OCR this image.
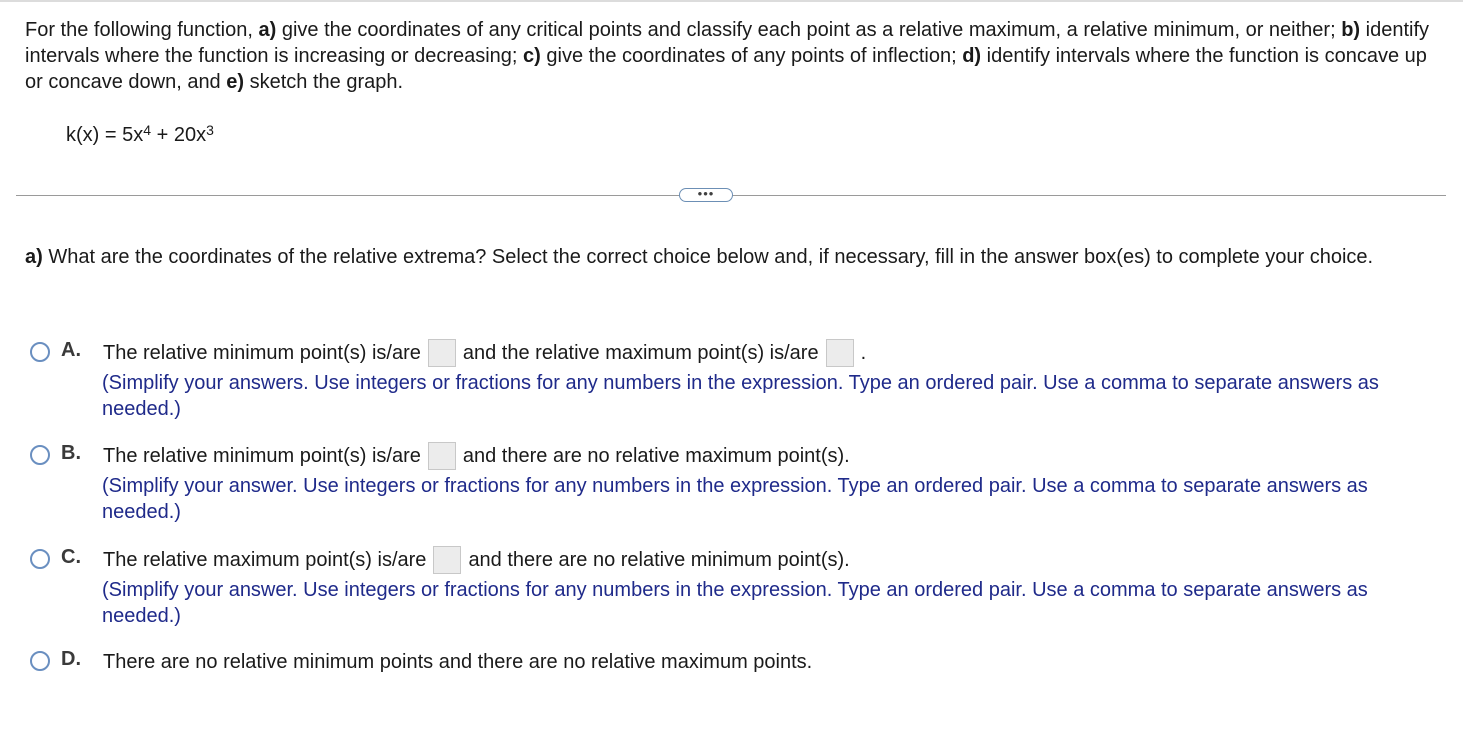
For the following function, a) give the coordinates of any critical points and classify each point as a relative maximum, a relative minimum, or neither; b) identify intervals where the function is increasing or decreasing; c) give the coordinates of any points of inflection; d) identify intervals where the function is concave up or concave down, and e) sketch the graph.
$k(x) = 5x^4 + 20x^3$
•••
a) What are the coordinates of the relative extrema? Select the correct choice below and, if necessary, fill in the answer box(es) to complete your choice.
A. The relative minimum point(s) is/are and the relative maximum point(s) is/are .
(Simplify your answers. Use integers or fractions for any numbers in the expression. Type an ordered pair. Use a comma to separate answers as needed.)
B. The relative minimum point(s) is/are and there are no relative maximum point(s).
(Simplify your answer. Use integers or fractions for any numbers in the expression. Type an ordered pair. Use a comma to separate answers as needed.)
C. The relative maximum point(s) is/are and there are no relative minimum point(s).
(Simplify your answer. Use integers or fractions for any numbers in the expression. Type an ordered pair. Use a comma to separate answers as needed.)
D. There are no relative minimum points and there are no relative maximum points.
